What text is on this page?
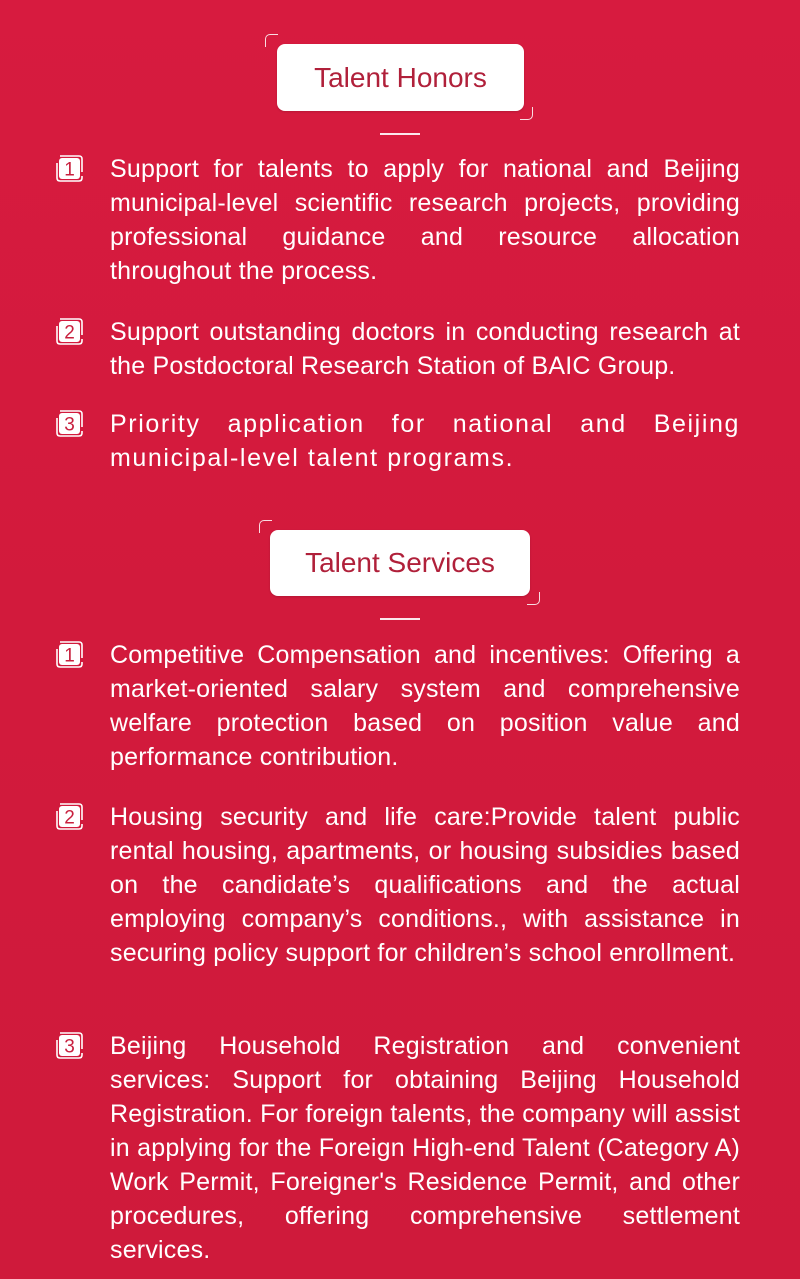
Talent Honors
1 Support for talents to apply for national and Beijing municipal-level scientific research projects, providing professional guidance and resource allocation throughout the process.
2 Support outstanding doctors in conducting research at the Postdoctoral Research Station of BAIC Group.
3 Priority application for national and Beijing municipal-level talent programs.
Talent Services
1 Competitive Compensation and incentives: Offering a market-oriented salary system and comprehensive welfare protection based on position value and performance contribution.
2 Housing security and life care:Provide talent public rental housing, apartments, or housing subsidies based on the candidate’s qualifications and the actual employing company’s conditions., with assistance in securing policy support for children’s school enrollment.
3 Beijing Household Registration and convenient services: Support for obtaining Beijing Household Registration. For foreign talents, the company will assist in applying for the Foreign High-end Talent (Category A) Work Permit, Foreigner's Residence Permit, and other procedures, offering comprehensive settlement services.
